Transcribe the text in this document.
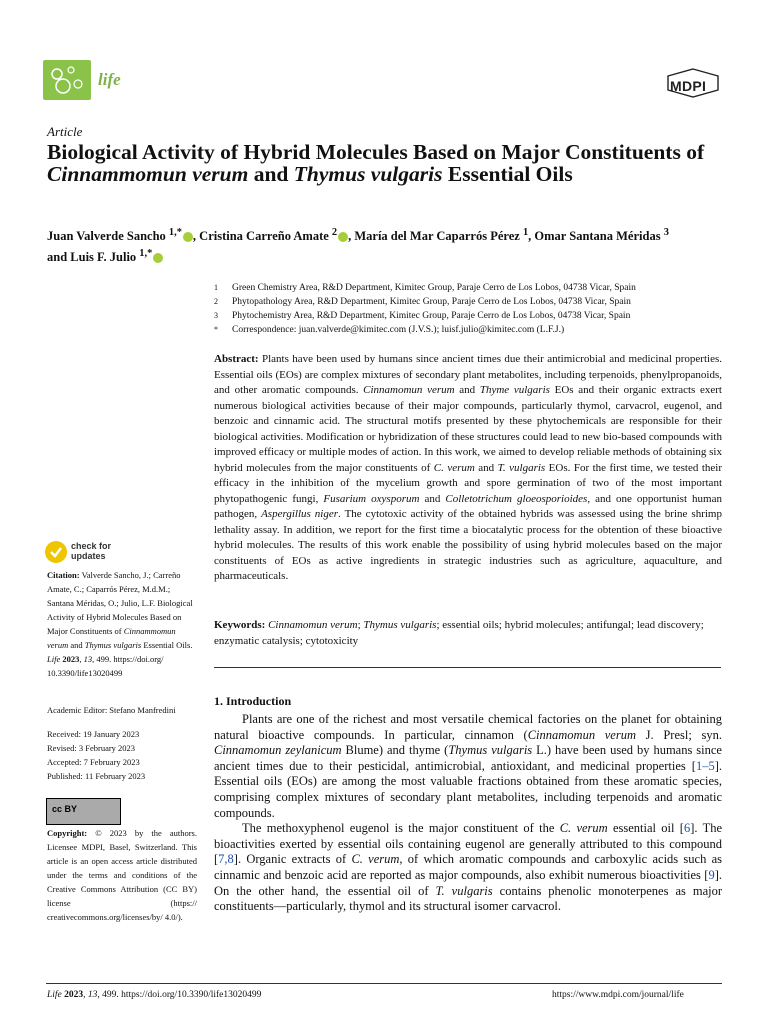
life	MDPI
Article
Biological Activity of Hybrid Molecules Based on Major Constituents of Cinnammomun verum and Thymus vulgaris Essential Oils
Juan Valverde Sancho $^{1,*}$ , Cristina Carreño Amate $^2$ , María del Mar Caparrós Pérez $^1$, Omar Santana Méridas $^3$
and Luis F. Julio $^{1,*}$
1 Green Chemistry Area, R&D Department, Kimitec Group, Paraje Cerro de Los Lobos, 04738 Vicar, Spain
2 Phytopathology Area, R&D Department, Kimitec Group, Paraje Cerro de Los Lobos, 04738 Vicar, Spain
3 Phytochemistry Area, R&D Department, Kimitec Group, Paraje Cerro de Los Lobos, 04738 Vicar, Spain
* Correspondence: juan.valverde@kimitec.com (J.V.S.); luisf.julio@kimitec.com (L.F.J.)
Abstract: Plants have been used by humans since ancient times due their antimicrobial and medicinal properties. Essential oils (EOs) are complex mixtures of secondary plant metabolites, including terpenoids, phenylpropanoids, and other aromatic compounds. Cinnamomun verum and Thyme vulgaris EOs and their organic extracts exert numerous biological activities because of their major compounds, particularly thymol, carvacrol, eugenol, and benzoic and cinnamic acid. The structural motifs presented by these phytochemicals are responsible for their biological activities. Modification or hybridization of these structures could lead to new bio-based compounds with improved efficacy or multiple modes of action. In this work, we aimed to develop reliable methods of obtaining six hybrid molecules from the major constituents of C. verum and T. vulgaris EOs. For the first time, we tested their efficacy in the inhibition of the mycelium growth and spore germination of two of the most important phytopathogenic fungi, Fusarium oxysporum and Colletotrichum gloeosporioides, and one opportunist human pathogen, Aspergillus niger. The cytotoxic activity of the obtained hybrids was assessed using the brine shrimp lethality assay. In addition, we report for the first time a biocatalytic process for the obtention of these bioactive hybrid molecules. The results of this work enable the possibility of using hybrid molecules based on the major constituents of EOs as active ingredients in strategic industries such as agriculture, aquaculture, and pharmaceuticals.
Keywords: Cinnamomun verum; Thymus vulgaris; essential oils; hybrid molecules; antifungal; lead discovery; enzymatic catalysis; cytotoxicity
check for
updates
Citation: Valverde Sancho, J.; Carreño Amate, C.; Caparrós Pérez, M.d.M.; Santana Méridas, O.; Julio, L.F. Biological Activity of Hybrid Molecules Based on Major Constituents of Cinnammomun verum and Thymus vulgaris Essential Oils. Life 2023, 13, 499. https://doi.org/ 10.3390/life13020499
Academic Editor: Stefano Manfredini
Received: 19 January 2023
Revised: 3 February 2023
Accepted: 7 February 2023
Published: 11 February 2023
cc BY
Copyright: © 2023 by the authors. Licensee MDPI, Basel, Switzerland. This article is an open access article distributed under the terms and conditions of the Creative Commons Attribution (CC BY) license (https:// creativecommons.org/licenses/by/ 4.0/).
1. Introduction

Plants are one of the richest and most versatile chemical factories on the planet for obtaining natural bioactive compounds. In particular, cinnamon (Cinnamomun verum J. Presl; syn. Cinnamomun zeylanicum Blume) and thyme (Thymus vulgaris L.) have been used by humans since ancient times due to their pesticidal, antimicrobial, antioxidant, and medicinal properties [1–5]. Essential oils (EOs) are among the most valuable fractions obtained from these aromatic species, comprising complex mixtures of secondary plant metabolites, including terpenoids and aromatic compounds.

The methoxyphenol eugenol is the major constituent of the C. verum essential oil [6]. The bioactivities exerted by essential oils containing eugenol are generally attributed to this compound [7,8]. Organic extracts of C. verum, of which aromatic compounds and carboxylic acids such as cinnamic and benzoic acid are reported as major compounds, also exhibit numerous bioactivities [9]. On the other hand, the essential oil of T. vulgaris contains phenolic monoterpenes as major constituents—particularly, thymol and its structural isomer carvacrol.

Life 2023, 13, 499. https://doi.org/10.3390/life13020499	https://www.mdpi.com/journal/life
